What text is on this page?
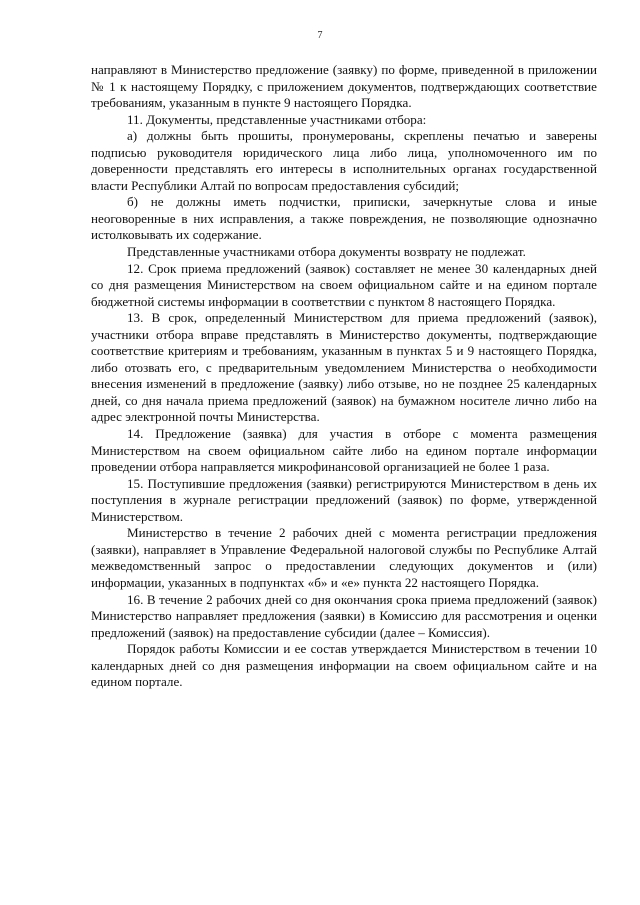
7

направляют в Министерство предложение (заявку) по форме, приведенной в приложении № 1 к настоящему Порядку, с приложением документов, подтверждающих соответствие требованиям, указанным в пункте 9 настоящего Порядка.

11. Документы, представленные участниками отбора:

а) должны быть прошиты, пронумерованы, скреплены печатью и заверены подписью руководителя юридического лица либо лица, уполномоченного им по доверенности представлять его интересы в исполнительных органах государственной власти Республики Алтай по вопросам предоставления субсидий;

б) не должны иметь подчистки, приписки, зачеркнутые слова и иные неоговоренные в них исправления, а также повреждения, не позволяющие однозначно истолковывать их содержание.

Представленные участниками отбора документы возврату не подлежат.

12. Срок приема предложений (заявок) составляет не менее 30 календарных дней со дня размещения Министерством на своем официальном сайте и на едином портале бюджетной системы информации в соответствии с пунктом 8 настоящего Порядка.

13. В срок, определенный Министерством для приема предложений (заявок), участники отбора вправе представлять в Министерство документы, подтверждающие соответствие критериям и требованиям, указанным в пунктах 5 и 9 настоящего Порядка, либо отозвать его, с предварительным уведомлением Министерства о необходимости внесения изменений в предложение (заявку) либо отзыве, но не позднее 25 календарных дней, со дня начала приема предложений (заявок) на бумажном носителе лично либо на адрес электронной почты Министерства.

14. Предложение (заявка) для участия в отборе с момента размещения Министерством на своем официальном сайте либо на едином портале информации проведении отбора направляется микрофинансовой организацией не более 1 раза.

15. Поступившие предложения (заявки) регистрируются Министерством в день их поступления в журнале регистрации предложений (заявок) по форме, утвержденной Министерством.

Министерство в течение 2 рабочих дней с момента регистрации предложения (заявки), направляет в Управление Федеральной налоговой службы по Республике Алтай межведомственный запрос о предоставлении следующих документов и (или) информации, указанных в подпунктах «б» и «е» пункта 22 настоящего Порядка.

16. В течение 2 рабочих дней со дня окончания срока приема предложений (заявок) Министерство направляет предложения (заявки) в Комиссию для рассмотрения и оценки предложений (заявок) на предоставление субсидии (далее – Комиссия).

Порядок работы Комиссии и ее состав утверждается Министерством в течении 10 календарных дней со дня размещения информации на своем официальном сайте и на едином портале.
